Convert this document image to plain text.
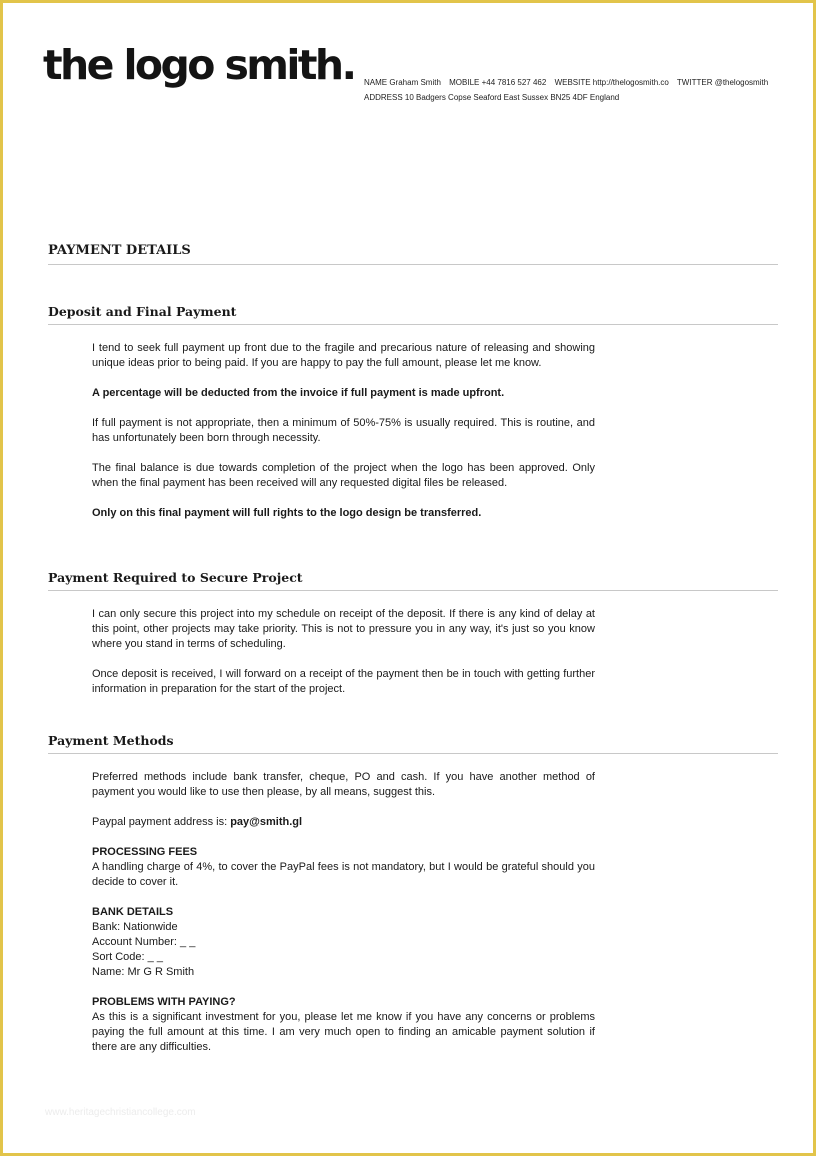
the logo smith. NAME Graham Smith MOBILE +44 7816 527 462 WEBSITE http://thelogosmith.co TWITTER @thelogosmith
ADDRESS 10 Badgers Copse Seaford East Sussex BN25 4DF England
PAYMENT DETAILS
Deposit and Final Payment

I tend to seek full payment up front due to the fragile and precarious nature of releasing and showing unique ideas prior to being paid. If you are happy to pay the full amount, please let me know.

A percentage will be deducted from the invoice if full payment is made upfront.

If full payment is not appropriate, then a minimum of 50%-75% is usually required. This is routine, and has unfortunately been born through necessity.

The final balance is due towards completion of the project when the logo has been approved. Only when the final payment has been received will any requested digital files be released.

Only on this final payment will full rights to the logo design be transferred.

Payment Required to Secure Project

I can only secure this project into my schedule on receipt of the deposit. If there is any kind of delay at this point, other projects may take priority. This is not to pressure you in any way, it's just so you know where you stand in terms of scheduling.

Once deposit is received, I will forward on a receipt of the payment then be in touch with getting further information in preparation for the start of the project.

Payment Methods

Preferred methods include bank transfer, cheque, PO and cash. If you have another method of payment you would like to use then please, by all means, suggest this.

Paypal payment address is: pay@smith.gl

PROCESSING FEES
A handling charge of 4%, to cover the PayPal fees is not mandatory, but I would be grateful should you decide to cover it.

BANK DETAILS
Bank: Nationwide
Account Number: _ _
Sort Code: _ _
Name: Mr G R Smith

PROBLEMS WITH PAYING?
As this is a significant investment for you, please let me know if you have any concerns or problems paying the full amount at this time. I am very much open to finding an amicable payment solution if there are any difficulties.

www.heritagechristiancollege.com
